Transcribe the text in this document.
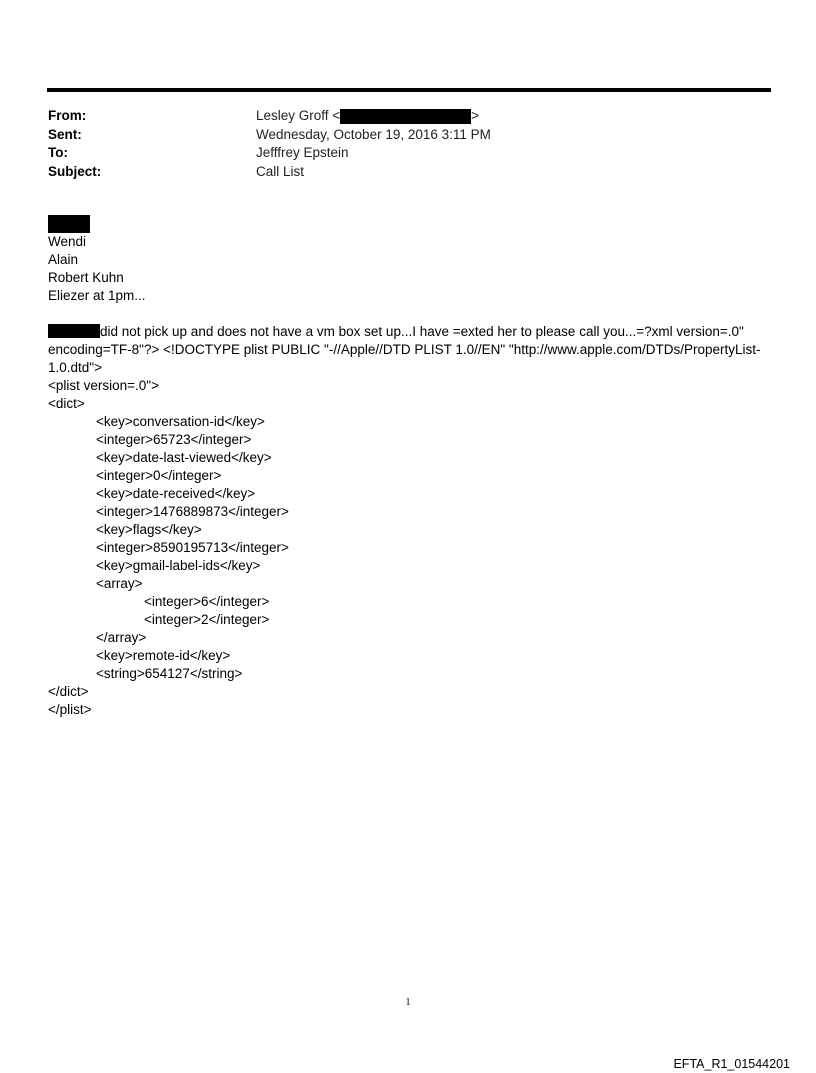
From:	Lesley Groff <	>
Sent:	Wednesday, October 19, 2016 3:11 PM
To:	Jefffrey Epstein
Subject:	Call List
Wendi
Alain
Robert Kuhn
Eliezer at 1pm...
did not pick up and does not have a vm box set up...I have =exted her to please call you...=?xml version=.0" encoding=TF-8"?> <!DOCTYPE plist PUBLIC "-//Apple//DTD PLIST 1.0//EN" "http://www.apple.com/DTDs/PropertyList-1.0.dtd">
<plist version=.0">
<dict>
<key>conversation-id</key>
<integer>65723</integer>
<key>date-last-viewed</key>
<integer>0</integer>
<key>date-received</key>
<integer>1476889873</integer>
<key>flags</key>
<integer>8590195713</integer>
<key>gmail-label-ids</key>
<array>
<integer>6</integer>
<integer>2</integer>
</array>
<key>remote-id</key>
<string>654127</string>
</dict>
</plist>
1
EFTA_R1_01544201
